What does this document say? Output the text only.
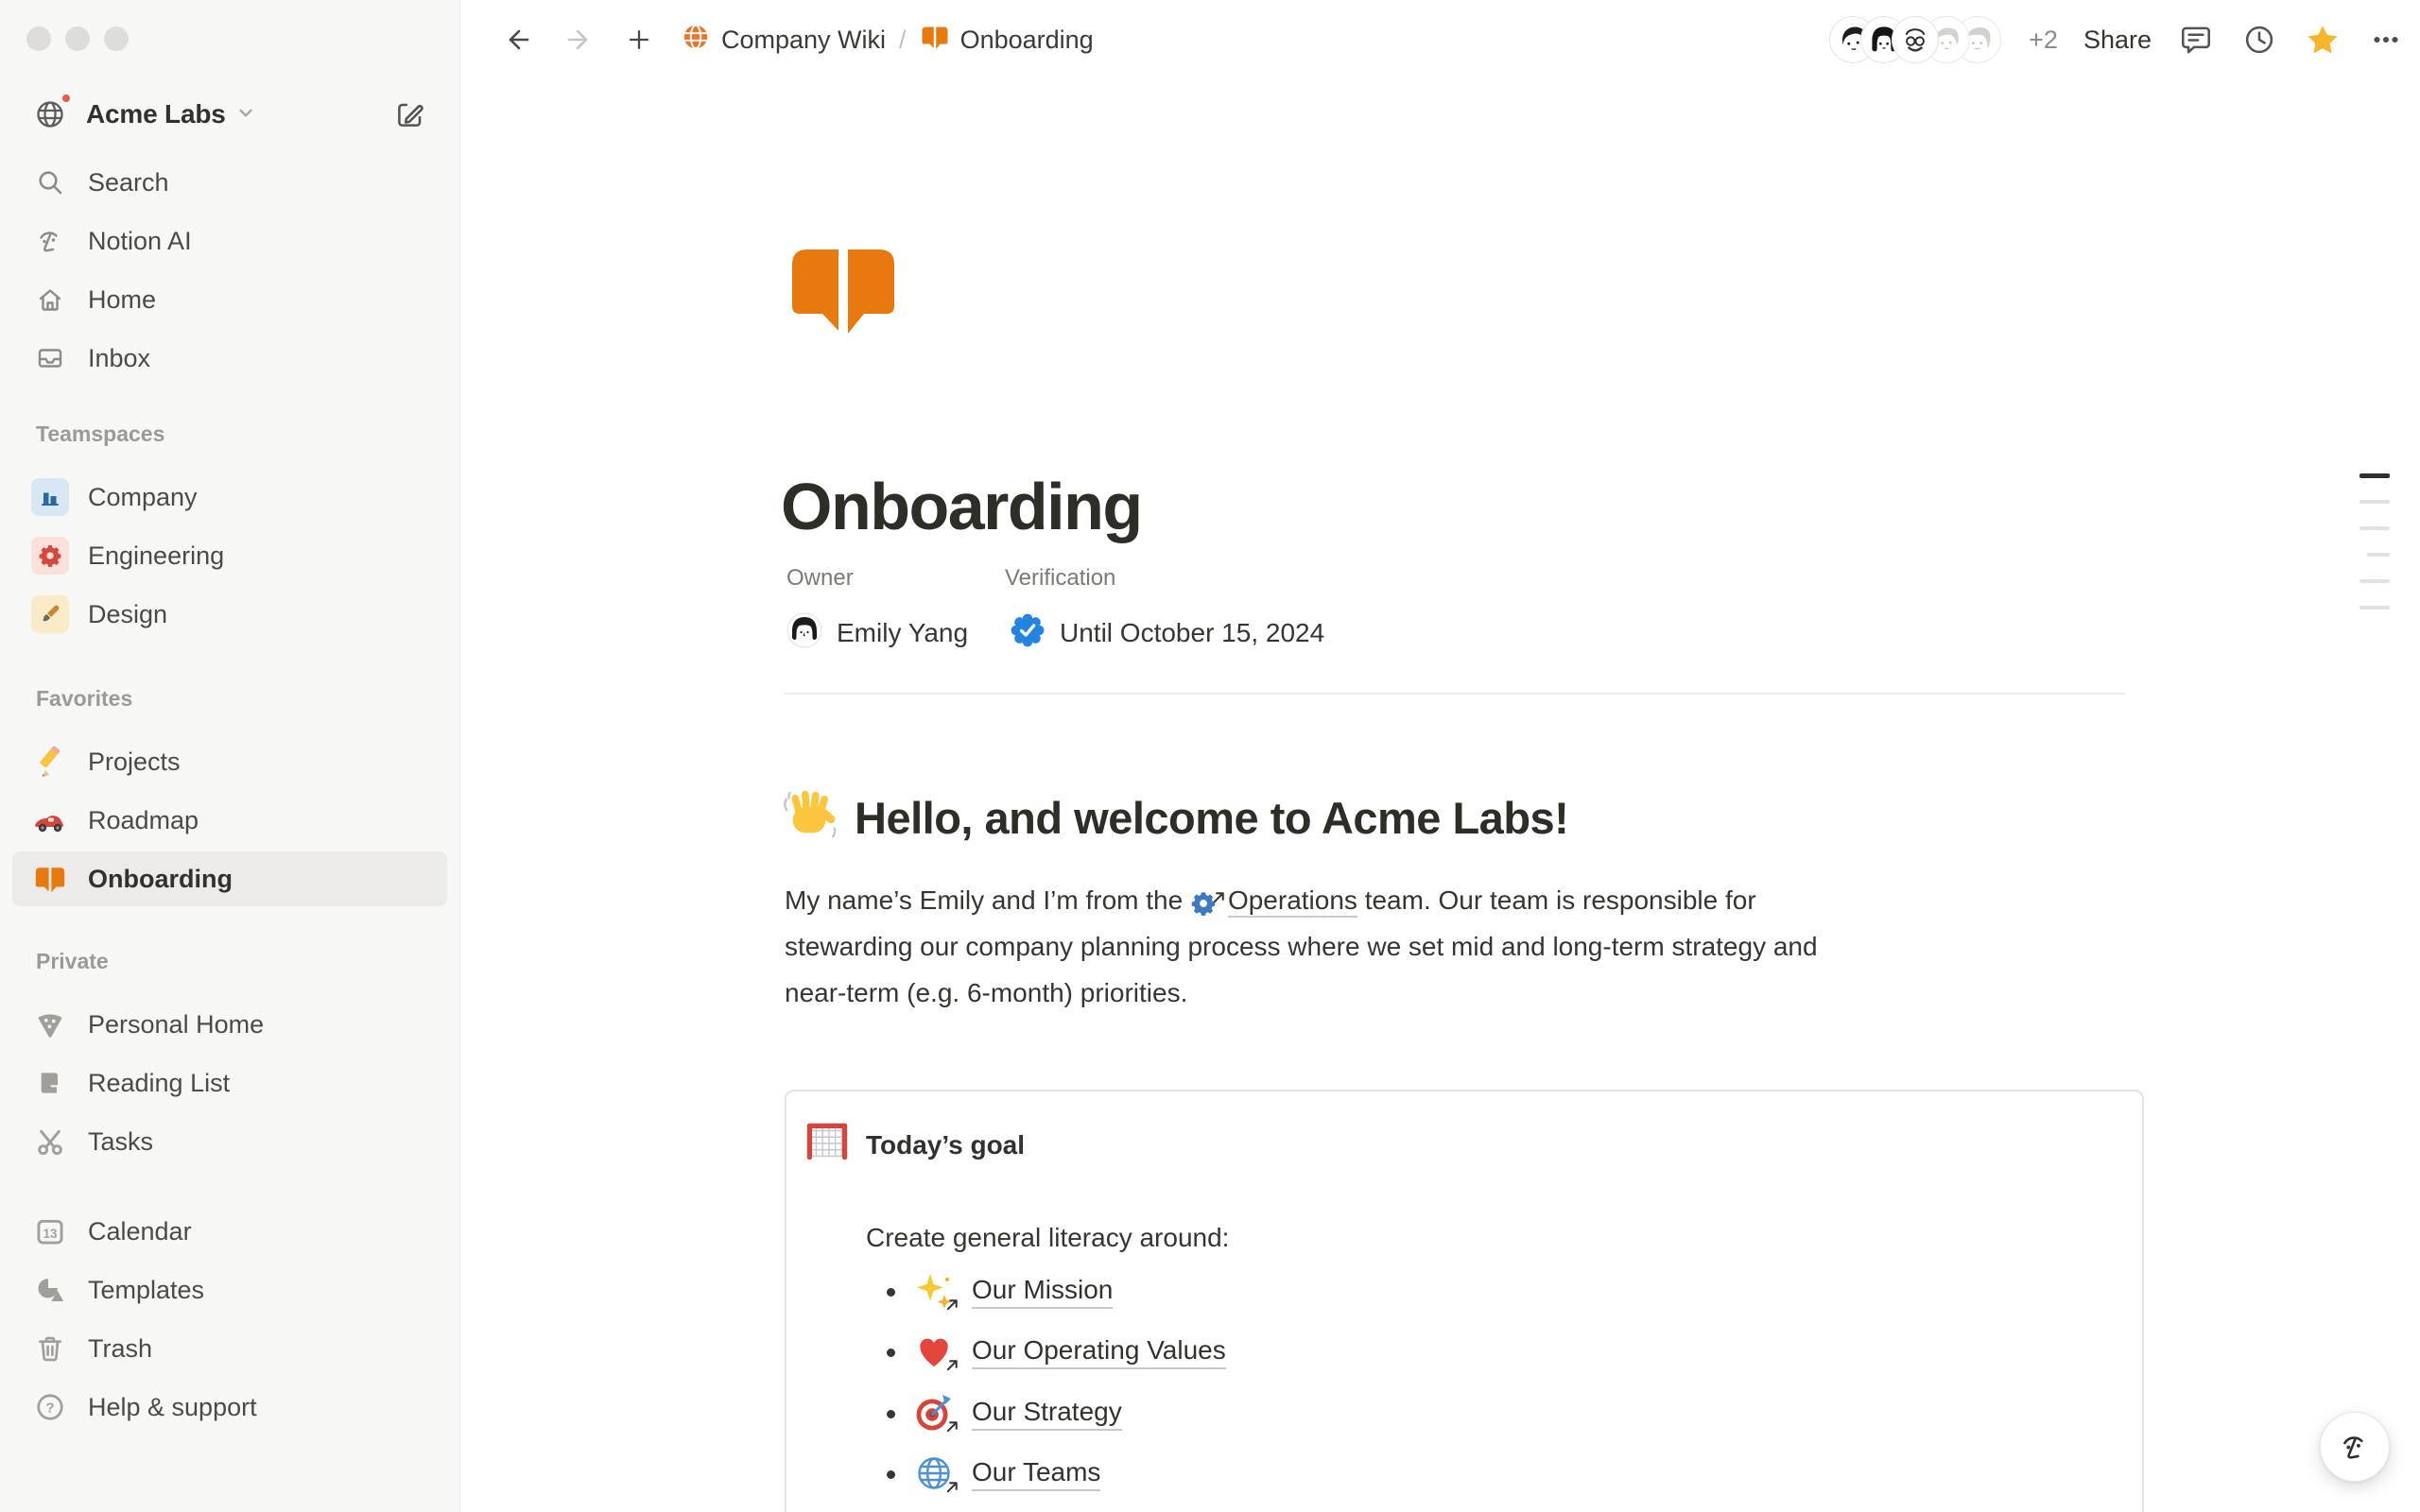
Acme Labs
Search
Notion AI
Home
Inbox
Teamspaces
Company
Engineering
Design
Favorites
Projects
Roadmap
Onboarding
Private
Personal Home
Reading List
Tasks
13 Calendar
Templates
Trash
? Help & support
Company Wiki / Onboarding	+2 Share
Onboarding
Owner	Verification
Emily Yang	Until October 15, 2024
Hello, and welcome to Acme Labs!
My name’s Emily and I’m from the
Operations team. Our team is responsible for
stewarding our company planning process where we set mid and long-term strategy and
near-term (e.g. 6-month) priorities.
Today’s goal
Create general literacy around:
Our Mission
Our Operating Values
Our Strategy
Our Teams
